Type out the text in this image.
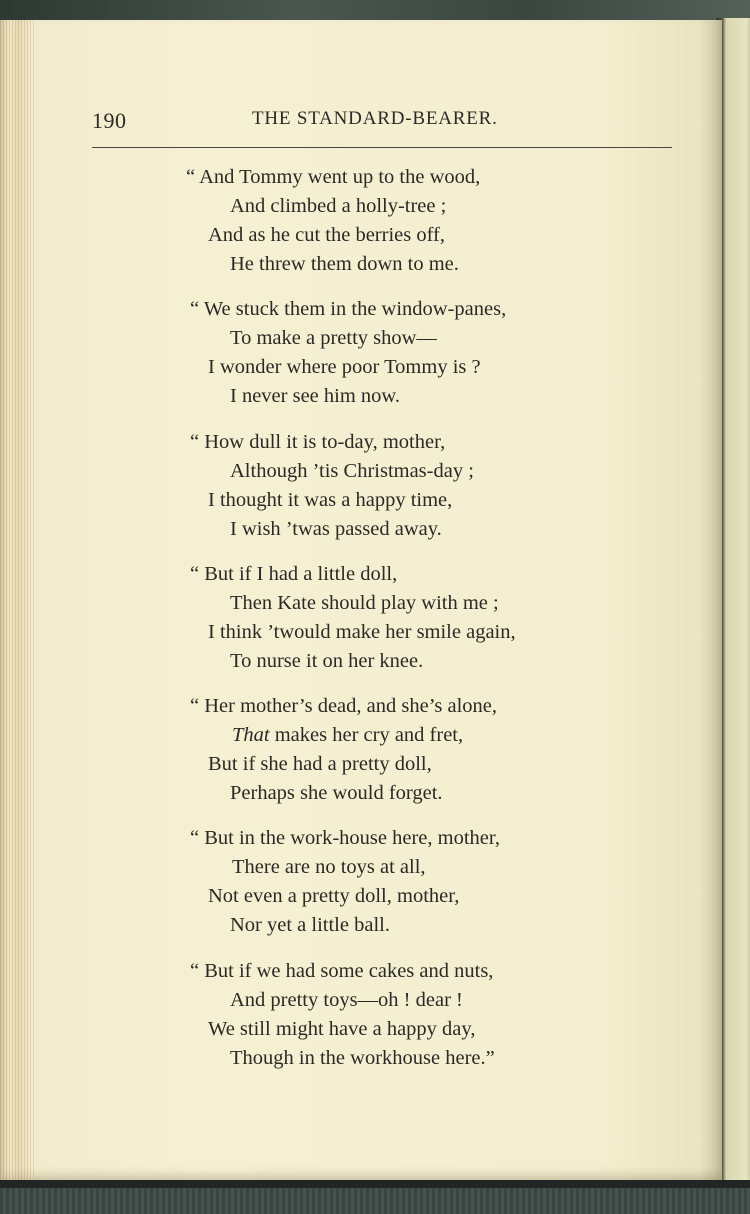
190	THE STANDARD-BEARER.
“ And Tommy went up to the wood,
And climbed a holly-tree ;
And as he cut the berries off,
He threw them down to me.
“ We stuck them in the window-panes,
To make a pretty show—
I wonder where poor Tommy is ?
I never see him now.
“ How dull it is to-day, mother,
Although ’tis Christmas-day ;
I thought it was a happy time,
I wish ’twas passed away.
“ But if I had a little doll,
Then Kate should play with me ;
I think ’twould make her smile again,
To nurse it on her knee.
“ Her mother’s dead, and she’s alone,
That makes her cry and fret,
But if she had a pretty doll,
Perhaps she would forget.
“ But in the work-house here, mother,
There are no toys at all,
Not even a pretty doll, mother,
Nor yet a little ball.
“ But if we had some cakes and nuts,
And pretty toys—oh ! dear !
We still might have a happy day,
Though in the workhouse here.”
